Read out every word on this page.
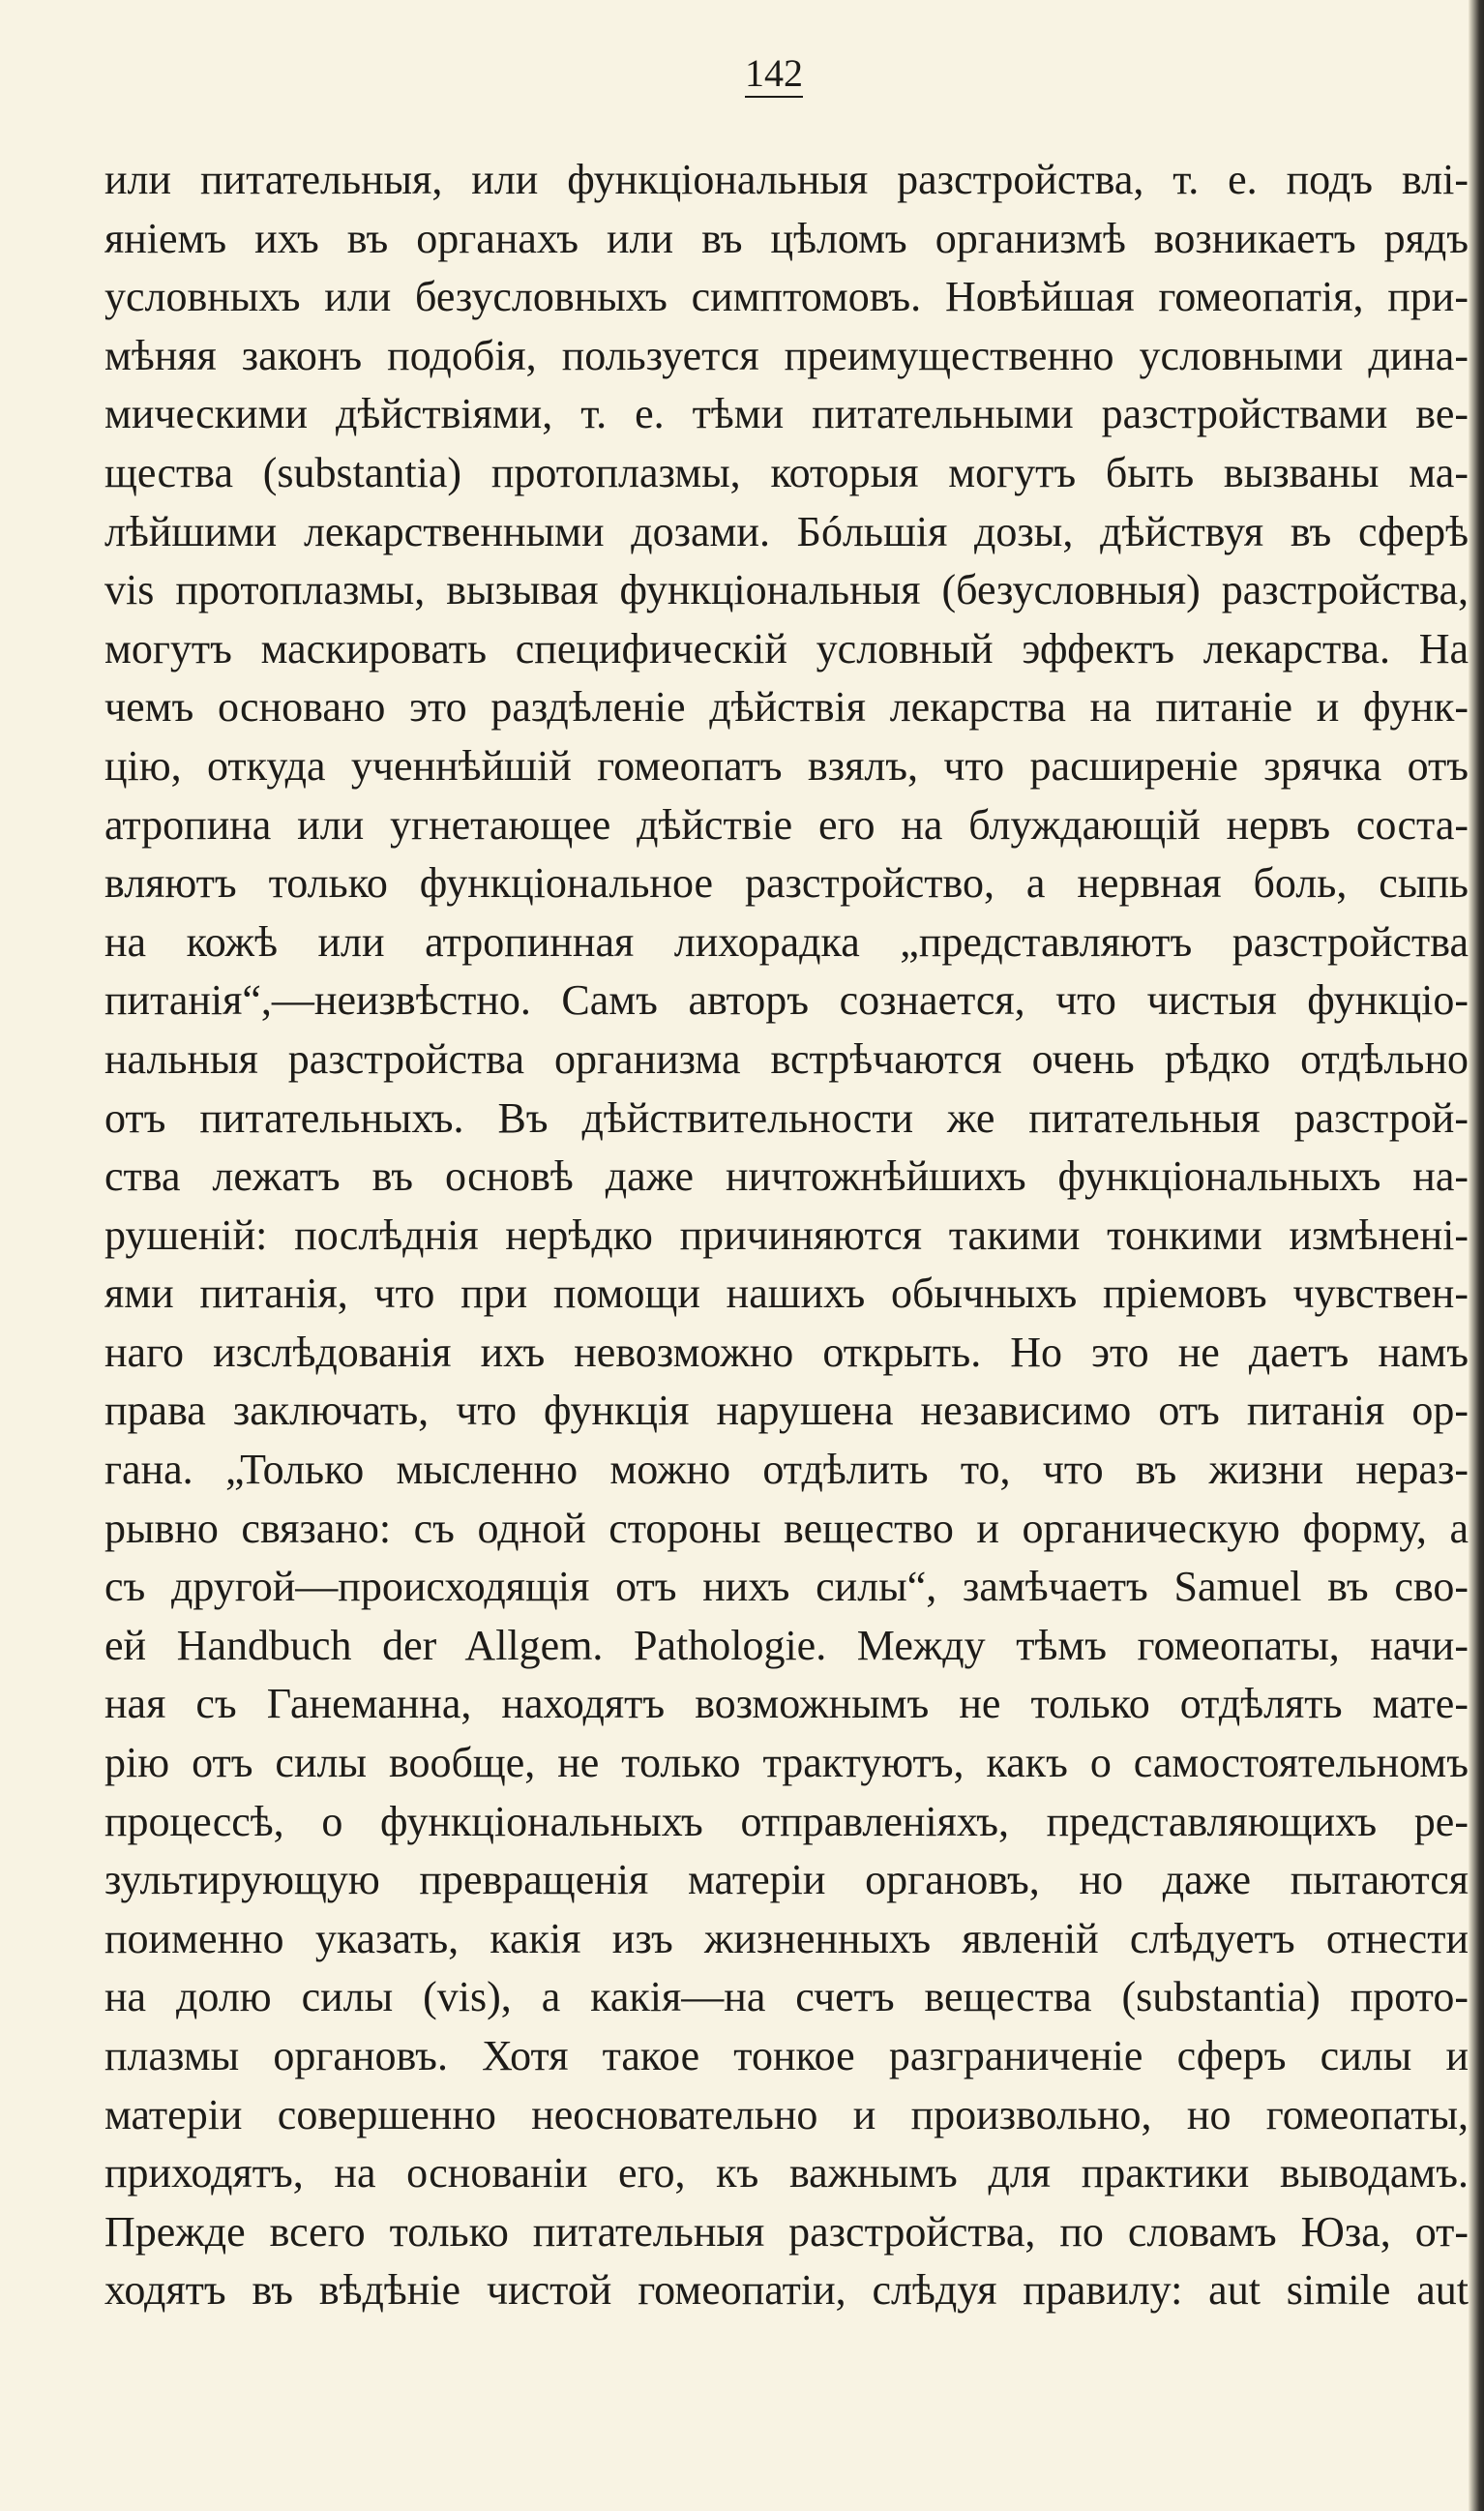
142
или питательныя, или функціональныя разстройства, т. е. подъ влі-
яніемъ ихъ въ органахъ или въ цѣломъ организмѣ возникаетъ рядъ
условныхъ или безусловныхъ симптомовъ. Новѣйшая гомеопатія, при-
мѣняя законъ подобія, пользуется преимущественно условными дина-
мическими дѣйствіями, т. е. тѣми питательными разстройствами ве-
щества (substantia) протоплазмы, которыя могутъ быть вызваны ма-
лѣйшими лекарственными дозами. Бóльшія дозы, дѣйствуя въ сферѣ
vis протоплазмы, вызывая функціональныя (безусловныя) разстройства,
могутъ маскировать специфическій условный эффектъ лекарства. На
чемъ основано это раздѣленіе дѣйствія лекарства на питаніе и функ-
цію, откуда ученнѣйшій гомеопатъ взялъ, что расширеніе зрячка отъ
атропина или угнетающее дѣйствіе его на блуждающій нервъ соста-
вляютъ только функціональное разстройство, а нервная боль, сыпь
на кожѣ или атропинная лихорадка „представляютъ разстройства
питанія“,—неизвѣстно. Самъ авторъ сознается, что чистыя функціо-
нальныя разстройства организма встрѣчаются очень рѣдко отдѣльно
отъ питательныхъ. Въ дѣйствительности же питательныя разстрой-
ства лежатъ въ основѣ даже ничтожнѣйшихъ функціональныхъ на-
рушеній: послѣднія нерѣдко причиняются такими тонкими измѣнені-
ями питанія, что при помощи нашихъ обычныхъ пріемовъ чувствен-
наго изслѣдованія ихъ невозможно открыть. Но это не даетъ намъ
права заключать, что функція нарушена независимо отъ питанія ор-
гана. „Только мысленно можно отдѣлить то, что въ жизни нераз-
рывно связано: съ одной стороны вещество и органическую форму, а
съ другой—происходящія отъ нихъ силы“, замѣчаетъ Samuel въ сво-
ей Handbuch der Allgem. Pathologie. Между тѣмъ гомеопаты, начи-
ная съ Ганеманна, находятъ возможнымъ не только отдѣлять мате-
рію отъ силы вообще, не только трактуютъ, какъ о самостоятельномъ
процессѣ, о функціональныхъ отправленіяхъ, представляющихъ ре-
зультирующую превращенія матеріи органовъ, но даже пытаются
поименно указать, какія изъ жизненныхъ явленій слѣдуетъ отнести
на долю силы (vis), а какія—на счетъ вещества (substantia) прото-
плазмы органовъ. Хотя такое тонкое разграниченіе сферъ силы и
матеріи совершенно неосновательно и произвольно, но гомеопаты,
приходятъ, на основаніи его, къ важнымъ для практики выводамъ.
Прежде всего только питательныя разстройства, по словамъ Юза, от-
ходятъ въ вѣдѣніе чистой гомеопатіи, слѣдуя правилу: aut simile aut
